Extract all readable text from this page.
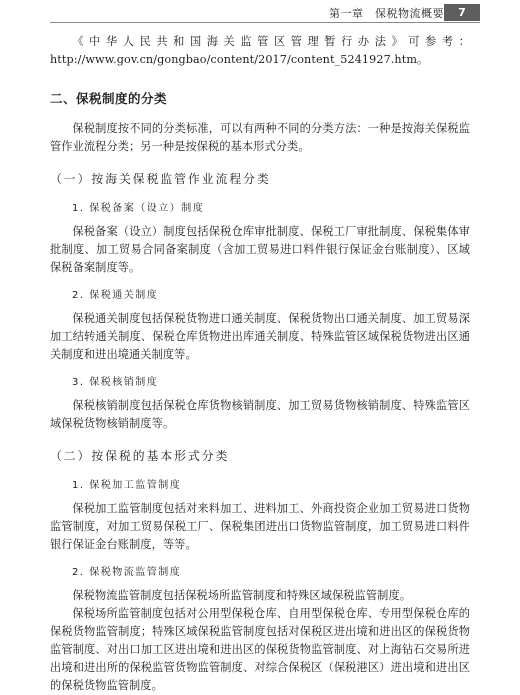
第一章　保税物流概要	7

《中华人民共和国海关监管区管理暂行办法》可参考：http://www.gov.cn/gongbao/content/2017/content_5241927.htm。

二、保税制度的分类

保税制度按不同的分类标准，可以有两种不同的分类方法：一种是按海关保税监管作业流程分类；另一种是按保税的基本形式分类。

（一）按海关保税监管作业流程分类

1. 保税备案（设立）制度

保税备案（设立）制度包括保税仓库审批制度、保税工厂审批制度、保税集体审批制度、加工贸易合同备案制度（含加工贸易进口料件银行保证金台账制度）、区域保税备案制度等。

2. 保税通关制度

保税通关制度包括保税货物进口通关制度、保税货物出口通关制度、加工贸易深加工结转通关制度、保税仓库货物进出库通关制度、特殊监管区域保税货物进出区通关制度和进出境通关制度等。

3. 保税核销制度

保税核销制度包括保税仓库货物核销制度、加工贸易货物核销制度、特殊监管区域保税货物核销制度等。

（二）按保税的基本形式分类

1. 保税加工监管制度

保税加工监管制度包括对来料加工、进料加工、外商投资企业加工贸易进口货物监管制度，对加工贸易保税工厂、保税集团进出口货物监管制度，加工贸易进口料件银行保证金台账制度，等等。

2. 保税物流监管制度

保税物流监管制度包括保税场所监管制度和特殊区域保税监管制度。

保税场所监管制度包括对公用型保税仓库、自用型保税仓库、专用型保税仓库的保税货物监管制度；特殊区域保税监管制度包括对保税区进出境和进出区的保税货物监管制度、对出口加工区进出境和进出区的保税货物监管制度、对上海钻石交易所进出境和进出所的保税监管货物监管制度、对综合保税区（保税港区）进出境和进出区的保税货物监管制度。
